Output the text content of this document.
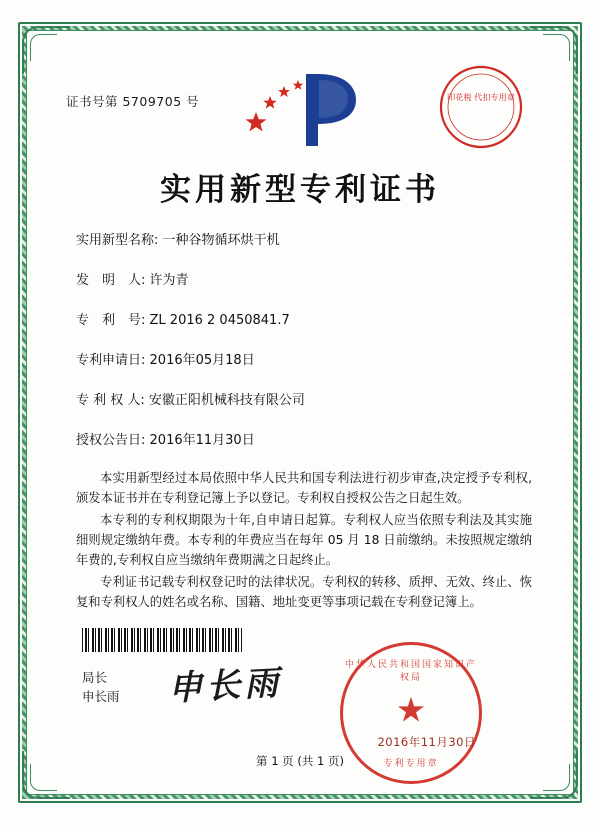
证书号第 5709705 号	印花税 代扣专用章
实用新型专利证书
实用新型名称: 一种谷物循环烘干机
发　明　人: 许为青
专　利　号: ZL 2016 2 0450841.7
专利申请日: 2016年05月18日
专 利 权 人: 安徽正阳机械科技有限公司
授权公告日: 2016年11月30日

本实用新型经过本局依照中华人民共和国专利法进行初步审查,决定授予专利权,颁发本证书并在专利登记簿上予以登记。专利权自授权公告之日起生效。

本专利的专利权期限为十年,自申请日起算。专利权人应当依照专利法及其实施细则规定缴纳年费。本专利的年费应当在每年 05 月 18 日前缴纳。未按照规定缴纳年费的,专利权自应当缴纳年费期满之日起终止。

专利证书记载专利权登记时的法律状况。专利权的转移、质押、无效、终止、恢复和专利权人的姓名或名称、国籍、地址变更等事项记载在专利登记簿上。

局长
申长雨 申长雨	中华人民共和国国家知识产权局
★
专利专用章
2016年11月30日
第 1 页 (共 1 页)
